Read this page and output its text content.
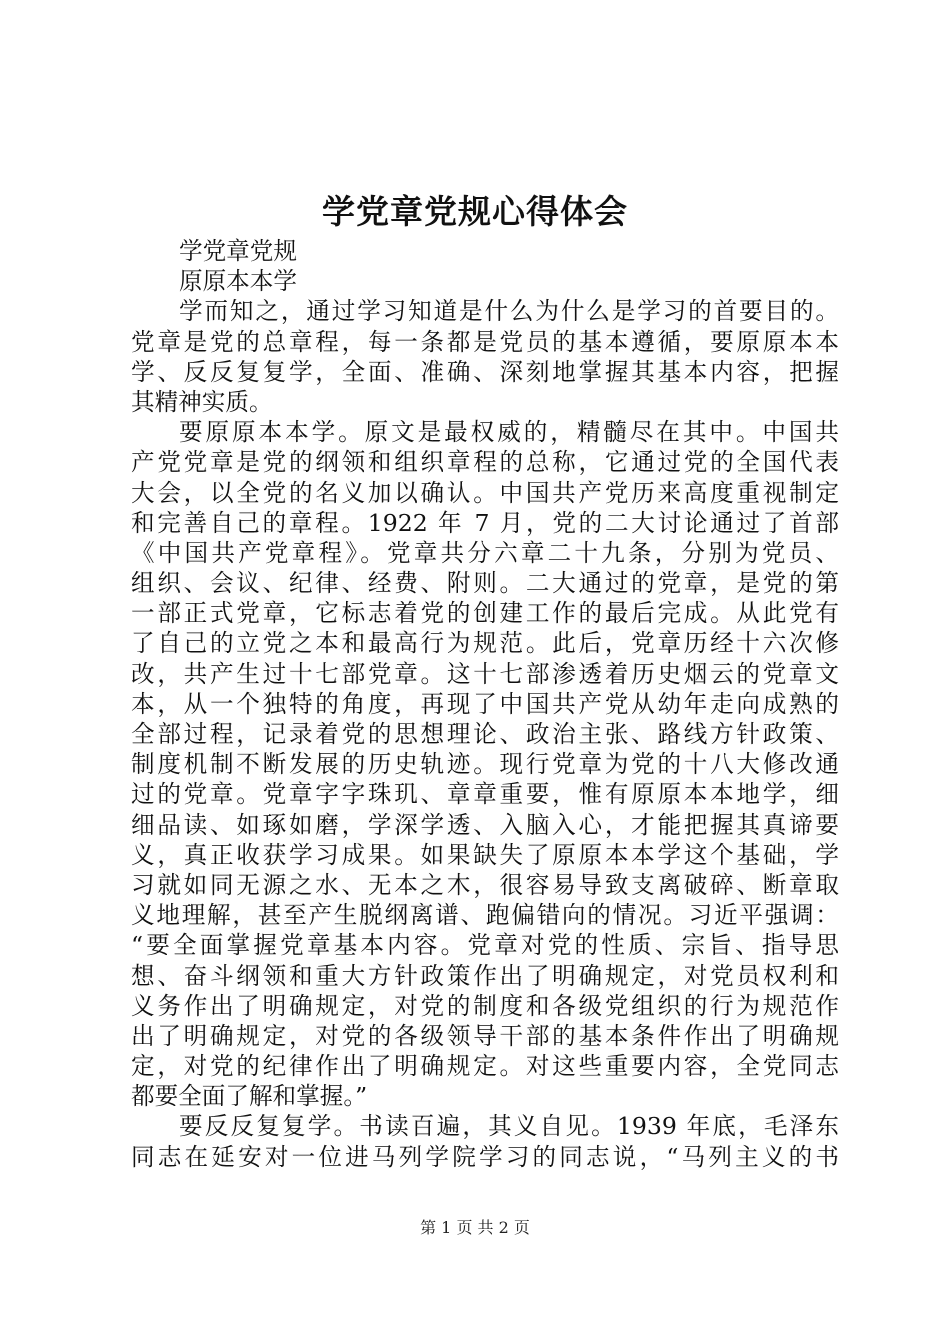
学党章党规心得体会
学党章党规
原原本本学
学而知之，通过学习知道是什么为什么是学习的首要目的。
党章是党的总章程，每一条都是党员的基本遵循，要原原本本
学、反反复复学，全面、准确、深刻地掌握其基本内容，把握
其精神实质。
要原原本本学。原文是最权威的，精髓尽在其中。中国共
产党党章是党的纲领和组织章程的总称，它通过党的全国代表
大会，以全党的名义加以确认。中国共产党历来高度重视制定
和完善自己的章程。1922 年 7 月，党的二大讨论通过了首部
《中国共产党章程》。党章共分六章二十九条，分别为党员、
组织、会议、纪律、经费、附则。二大通过的党章，是党的第
一部正式党章，它标志着党的创建工作的最后完成。从此党有
了自己的立党之本和最高行为规范。此后，党章历经十六次修
改，共产生过十七部党章。这十七部渗透着历史烟云的党章文
本，从一个独特的角度，再现了中国共产党从幼年走向成熟的
全部过程，记录着党的思想理论、政治主张、路线方针政策、
制度机制不断发展的历史轨迹。现行党章为党的十八大修改通
过的党章。党章字字珠玑、章章重要，惟有原原本本地学，细
细品读、如琢如磨，学深学透、入脑入心，才能把握其真谛要
义，真正收获学习成果。如果缺失了原原本本学这个基础，学
习就如同无源之水、无本之木，很容易导致支离破碎、断章取
义地理解，甚至产生脱纲离谱、跑偏错向的情况。习近平强调：
“要全面掌握党章基本内容。党章对党的性质、宗旨、指导思
想、奋斗纲领和重大方针政策作出了明确规定，对党员权利和
义务作出了明确规定，对党的制度和各级党组织的行为规范作
出了明确规定，对党的各级领导干部的基本条件作出了明确规
定，对党的纪律作出了明确规定。对这些重要内容，全党同志
都要全面了解和掌握。”
要反反复复学。书读百遍，其义自见。1939 年底，毛泽东
同志在延安对一位进马列学院学习的同志说，“马列主义的书
第 1 页 共 2 页
